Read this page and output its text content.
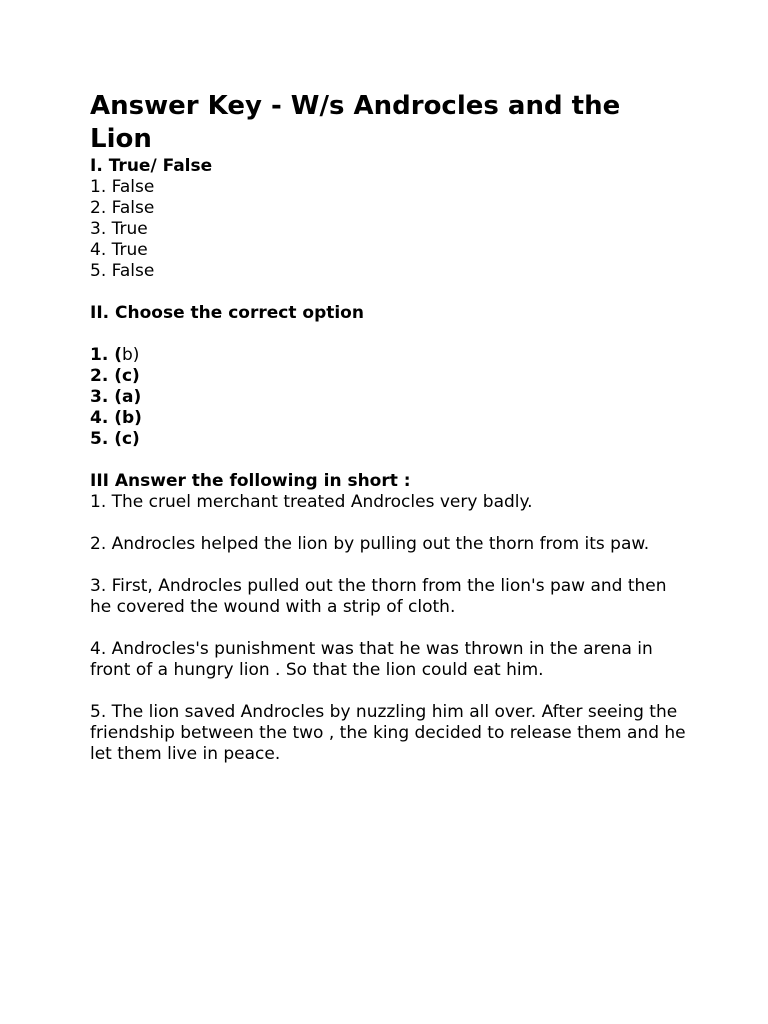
Answer Key - W/s Androcles and the Lion

I. True/ False

1. False

2. False

3. True

4. True

5. False

II. Choose the correct option

1. (b)

2. (c)

3. (a)

4. (b)

5. (c)

III Answer the following in short :

1. The cruel merchant treated Androcles very badly.

2. Androcles helped the lion by pulling out the thorn from its paw.

3. First, Androcles pulled out the thorn from the lion's paw and then he covered the wound with a strip of cloth.

4. Androcles's punishment was that he was thrown in the arena in front of a hungry lion . So that the lion could eat him.

5. The lion saved Androcles by nuzzling him all over. After seeing the friendship between the two , the king decided to release them and he let them live in peace.
